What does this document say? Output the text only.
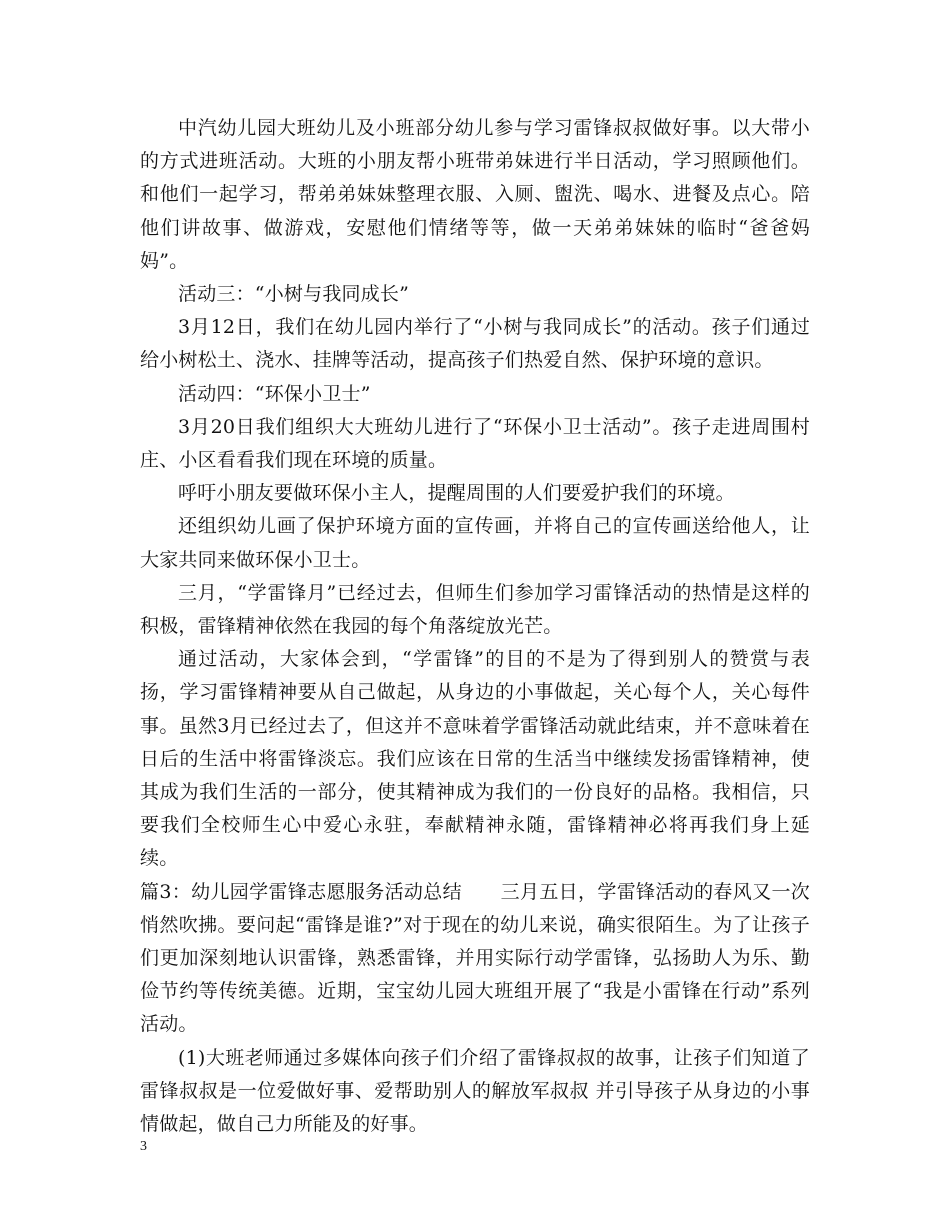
中汽幼儿园大班幼儿及小班部分幼儿参与学习雷锋叔叔做好事。以大带小的方式进班活动。大班的小朋友帮小班带弟妹进行半日活动，学习照顾他们。和他们一起学习，帮弟弟妹妹整理衣服、入厕、盥洗、喝水、进餐及点心。陪他们讲故事、做游戏，安慰他们情绪等等，做一天弟弟妹妹的临时“爸爸妈妈”。

活动三：“小树与我同成长”

3月12日，我们在幼儿园内举行了“小树与我同成长”的活动。孩子们通过给小树松土、浇水、挂牌等活动，提高孩子们热爱自然、保护环境的意识。

活动四：“环保小卫士”

3月20日我们组织大大班幼儿进行了“环保小卫士活动”。孩子走进周围村庄、小区看看我们现在环境的质量。

呼吁小朋友要做环保小主人，提醒周围的人们要爱护我们的环境。

还组织幼儿画了保护环境方面的宣传画，并将自己的宣传画送给他人，让大家共同来做环保小卫士。

三月，“学雷锋月”已经过去，但师生们参加学习雷锋活动的热情是这样的积极，雷锋精神依然在我园的每个角落绽放光芒。

通过活动，大家体会到，“学雷锋”的目的不是为了得到别人的赞赏与表扬，学习雷锋精神要从自己做起，从身边的小事做起，关心每个人，关心每件事。虽然3月已经过去了，但这并不意味着学雷锋活动就此结束，并不意味着在日后的生活中将雷锋淡忘。我们应该在日常的生活当中继续发扬雷锋精神，使其成为我们生活的一部分，使其精神成为我们的一份良好的品格。我相信，只要我们全校师生心中爱心永驻，奉献精神永随，雷锋精神必将再我们身上延续。

篇3：幼儿园学雷锋志愿服务活动总结　　三月五日，学雷锋活动的春风又一次悄然吹拂。要问起“雷锋是谁?”对于现在的幼儿来说，确实很陌生。为了让孩子们更加深刻地认识雷锋，熟悉雷锋，并用实际行动学雷锋，弘扬助人为乐、勤俭节约等传统美德。近期，宝宝幼儿园大班组开展了“我是小雷锋在行动”系列活动。

(1)大班老师通过多媒体向孩子们介绍了雷锋叔叔的故事，让孩子们知道了雷锋叔叔是一位爱做好事、爱帮助别人的解放军叔叔 并引导孩子从身边的小事情做起，做自己力所能及的好事。

3
